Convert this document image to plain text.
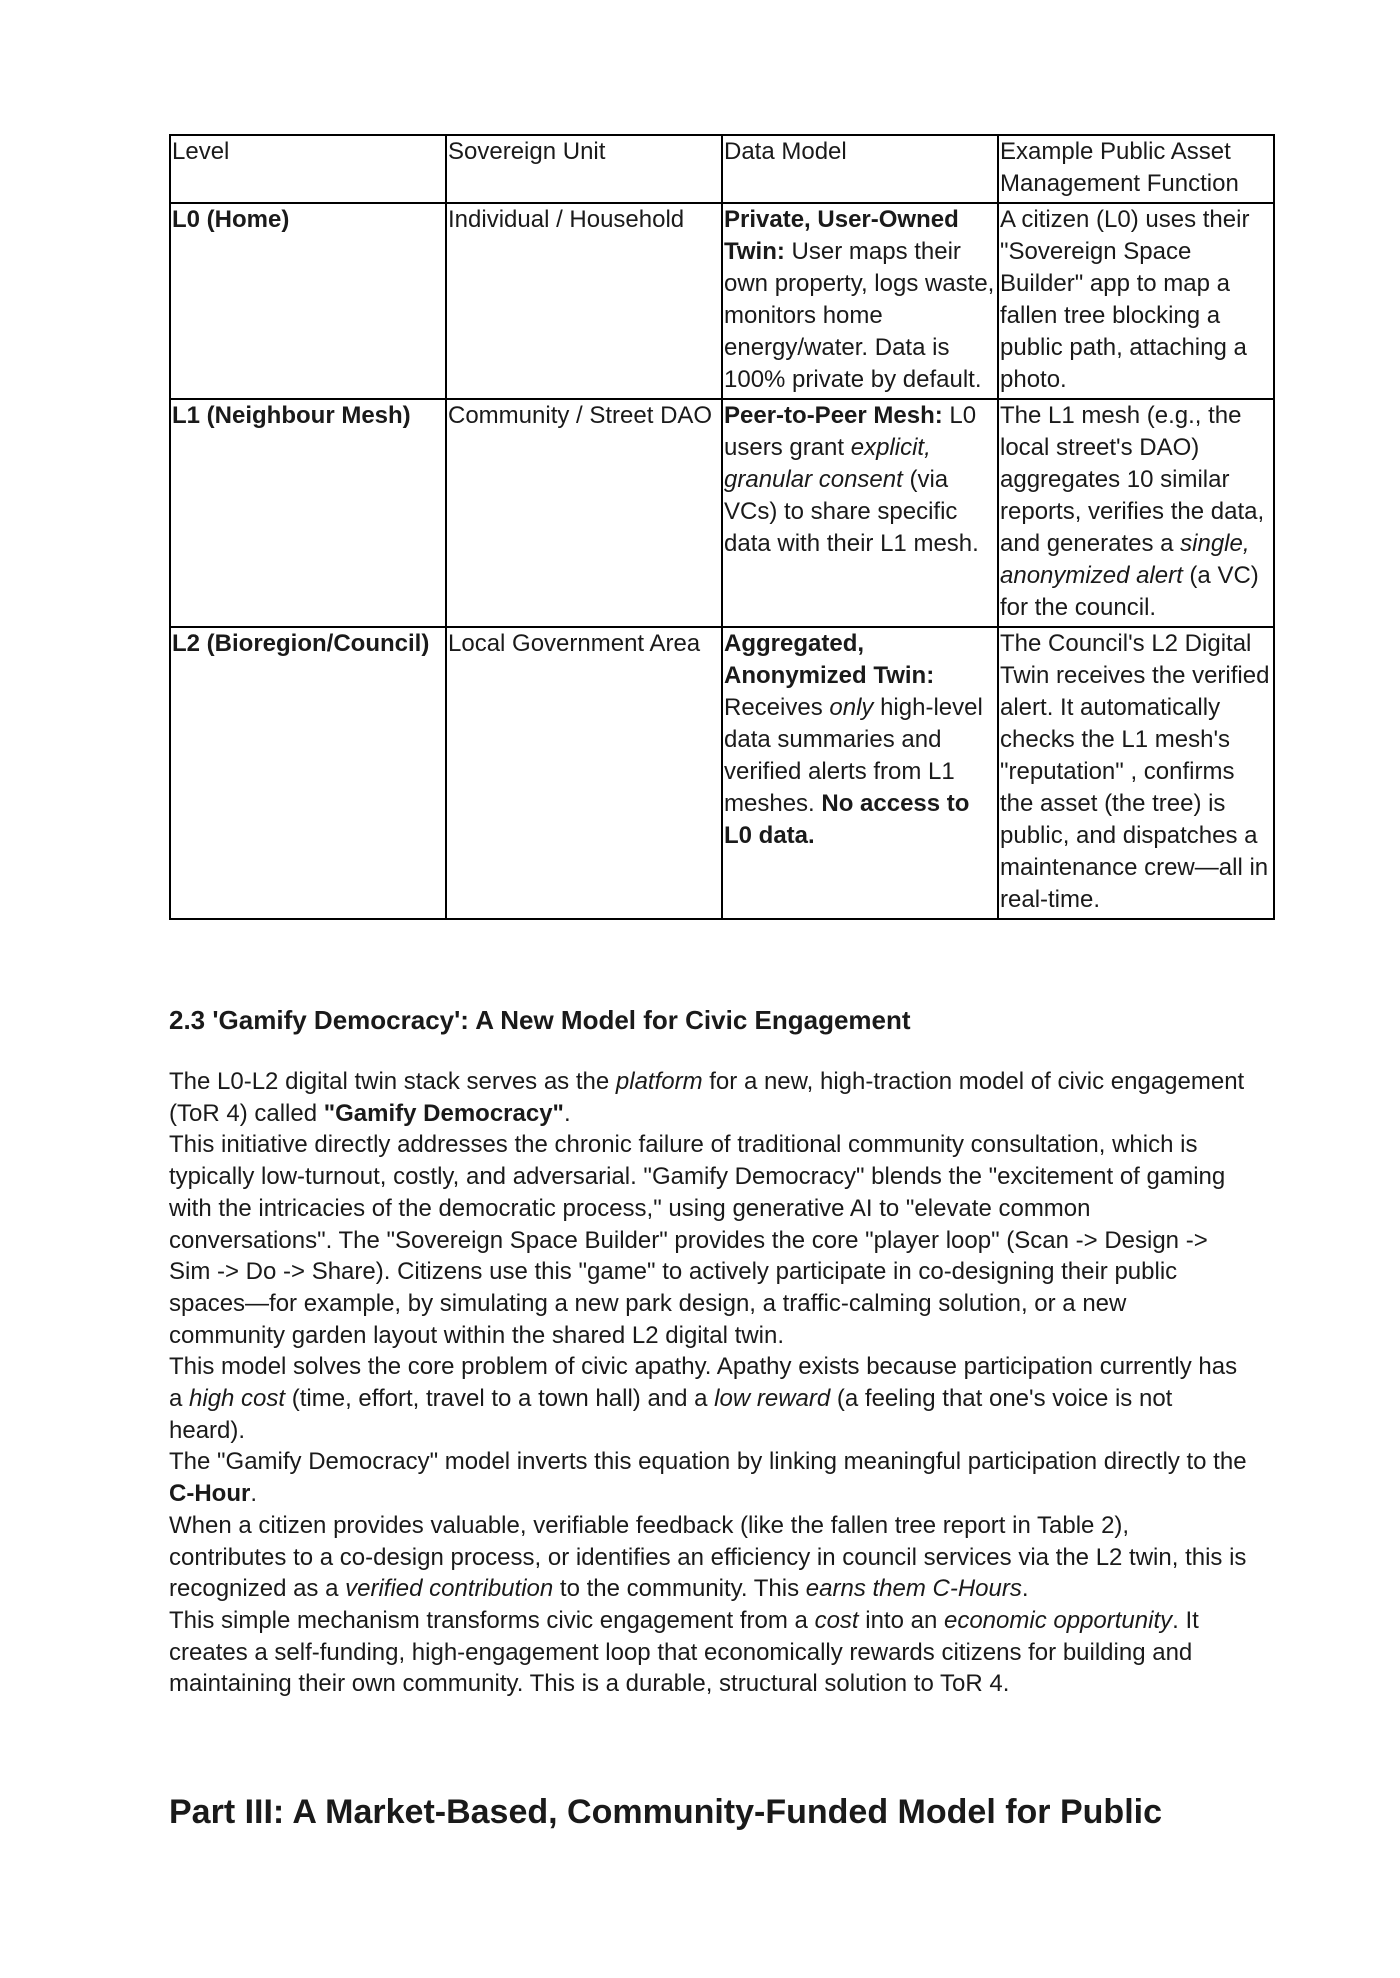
Level	Sovereign Unit	Data Model	Example Public Asset Management Function
L0 (Home)	Individual / Household	Private, User-Owned Twin: User maps their own property, logs waste, monitors home energy/water. Data is 100% private by default.	A citizen (L0) uses their "Sovereign Space Builder" app to map a fallen tree blocking a public path, attaching a photo.
L1 (Neighbour Mesh)	Community / Street DAO	Peer-to-Peer Mesh: L0 users grant explicit, granular consent (via VCs) to share specific data with their L1 mesh.	The L1 mesh (e.g., the local street's DAO) aggregates 10 similar reports, verifies the data, and generates a single, anonymized alert (a VC) for the council.
L2 (Bioregion/Council)	Local Government Area	Aggregated, Anonymized Twin: Receives only high-level data summaries and verified alerts from L1 meshes. No access to L0 data.	The Council's L2 Digital Twin receives the verified alert. It automatically checks the L1 mesh's "reputation" , confirms the asset (the tree) is public, and dispatches a maintenance crew—all in real-time.
2.3 'Gamify Democracy': A New Model for Civic Engagement

The L0-L2 digital twin stack serves as the platform for a new, high-traction model of civic engagement (ToR 4) called "Gamify Democracy".

This initiative directly addresses the chronic failure of traditional community consultation, which is typically low-turnout, costly, and adversarial. "Gamify Democracy" blends the "excitement of gaming with the intricacies of the democratic process," using generative AI to "elevate common conversations". The "Sovereign Space Builder" provides the core "player loop" (Scan -> Design -> Sim -> Do -> Share). Citizens use this "game" to actively participate in co-designing their public spaces—for example, by simulating a new park design, a traffic-calming solution, or a new community garden layout within the shared L2 digital twin.

This model solves the core problem of civic apathy. Apathy exists because participation currently has a high cost (time, effort, travel to a town hall) and a low reward (a feeling that one's voice is not heard).

The "Gamify Democracy" model inverts this equation by linking meaningful participation directly to the C-Hour.

When a citizen provides valuable, verifiable feedback (like the fallen tree report in Table 2), contributes to a co-design process, or identifies an efficiency in council services via the L2 twin, this is recognized as a verified contribution to the community. This earns them C-Hours.

This simple mechanism transforms civic engagement from a cost into an economic opportunity. It creates a self-funding, high-engagement loop that economically rewards citizens for building and maintaining their own community. This is a durable, structural solution to ToR 4.

Part III: A Market-Based, Community-Funded Model for Public
